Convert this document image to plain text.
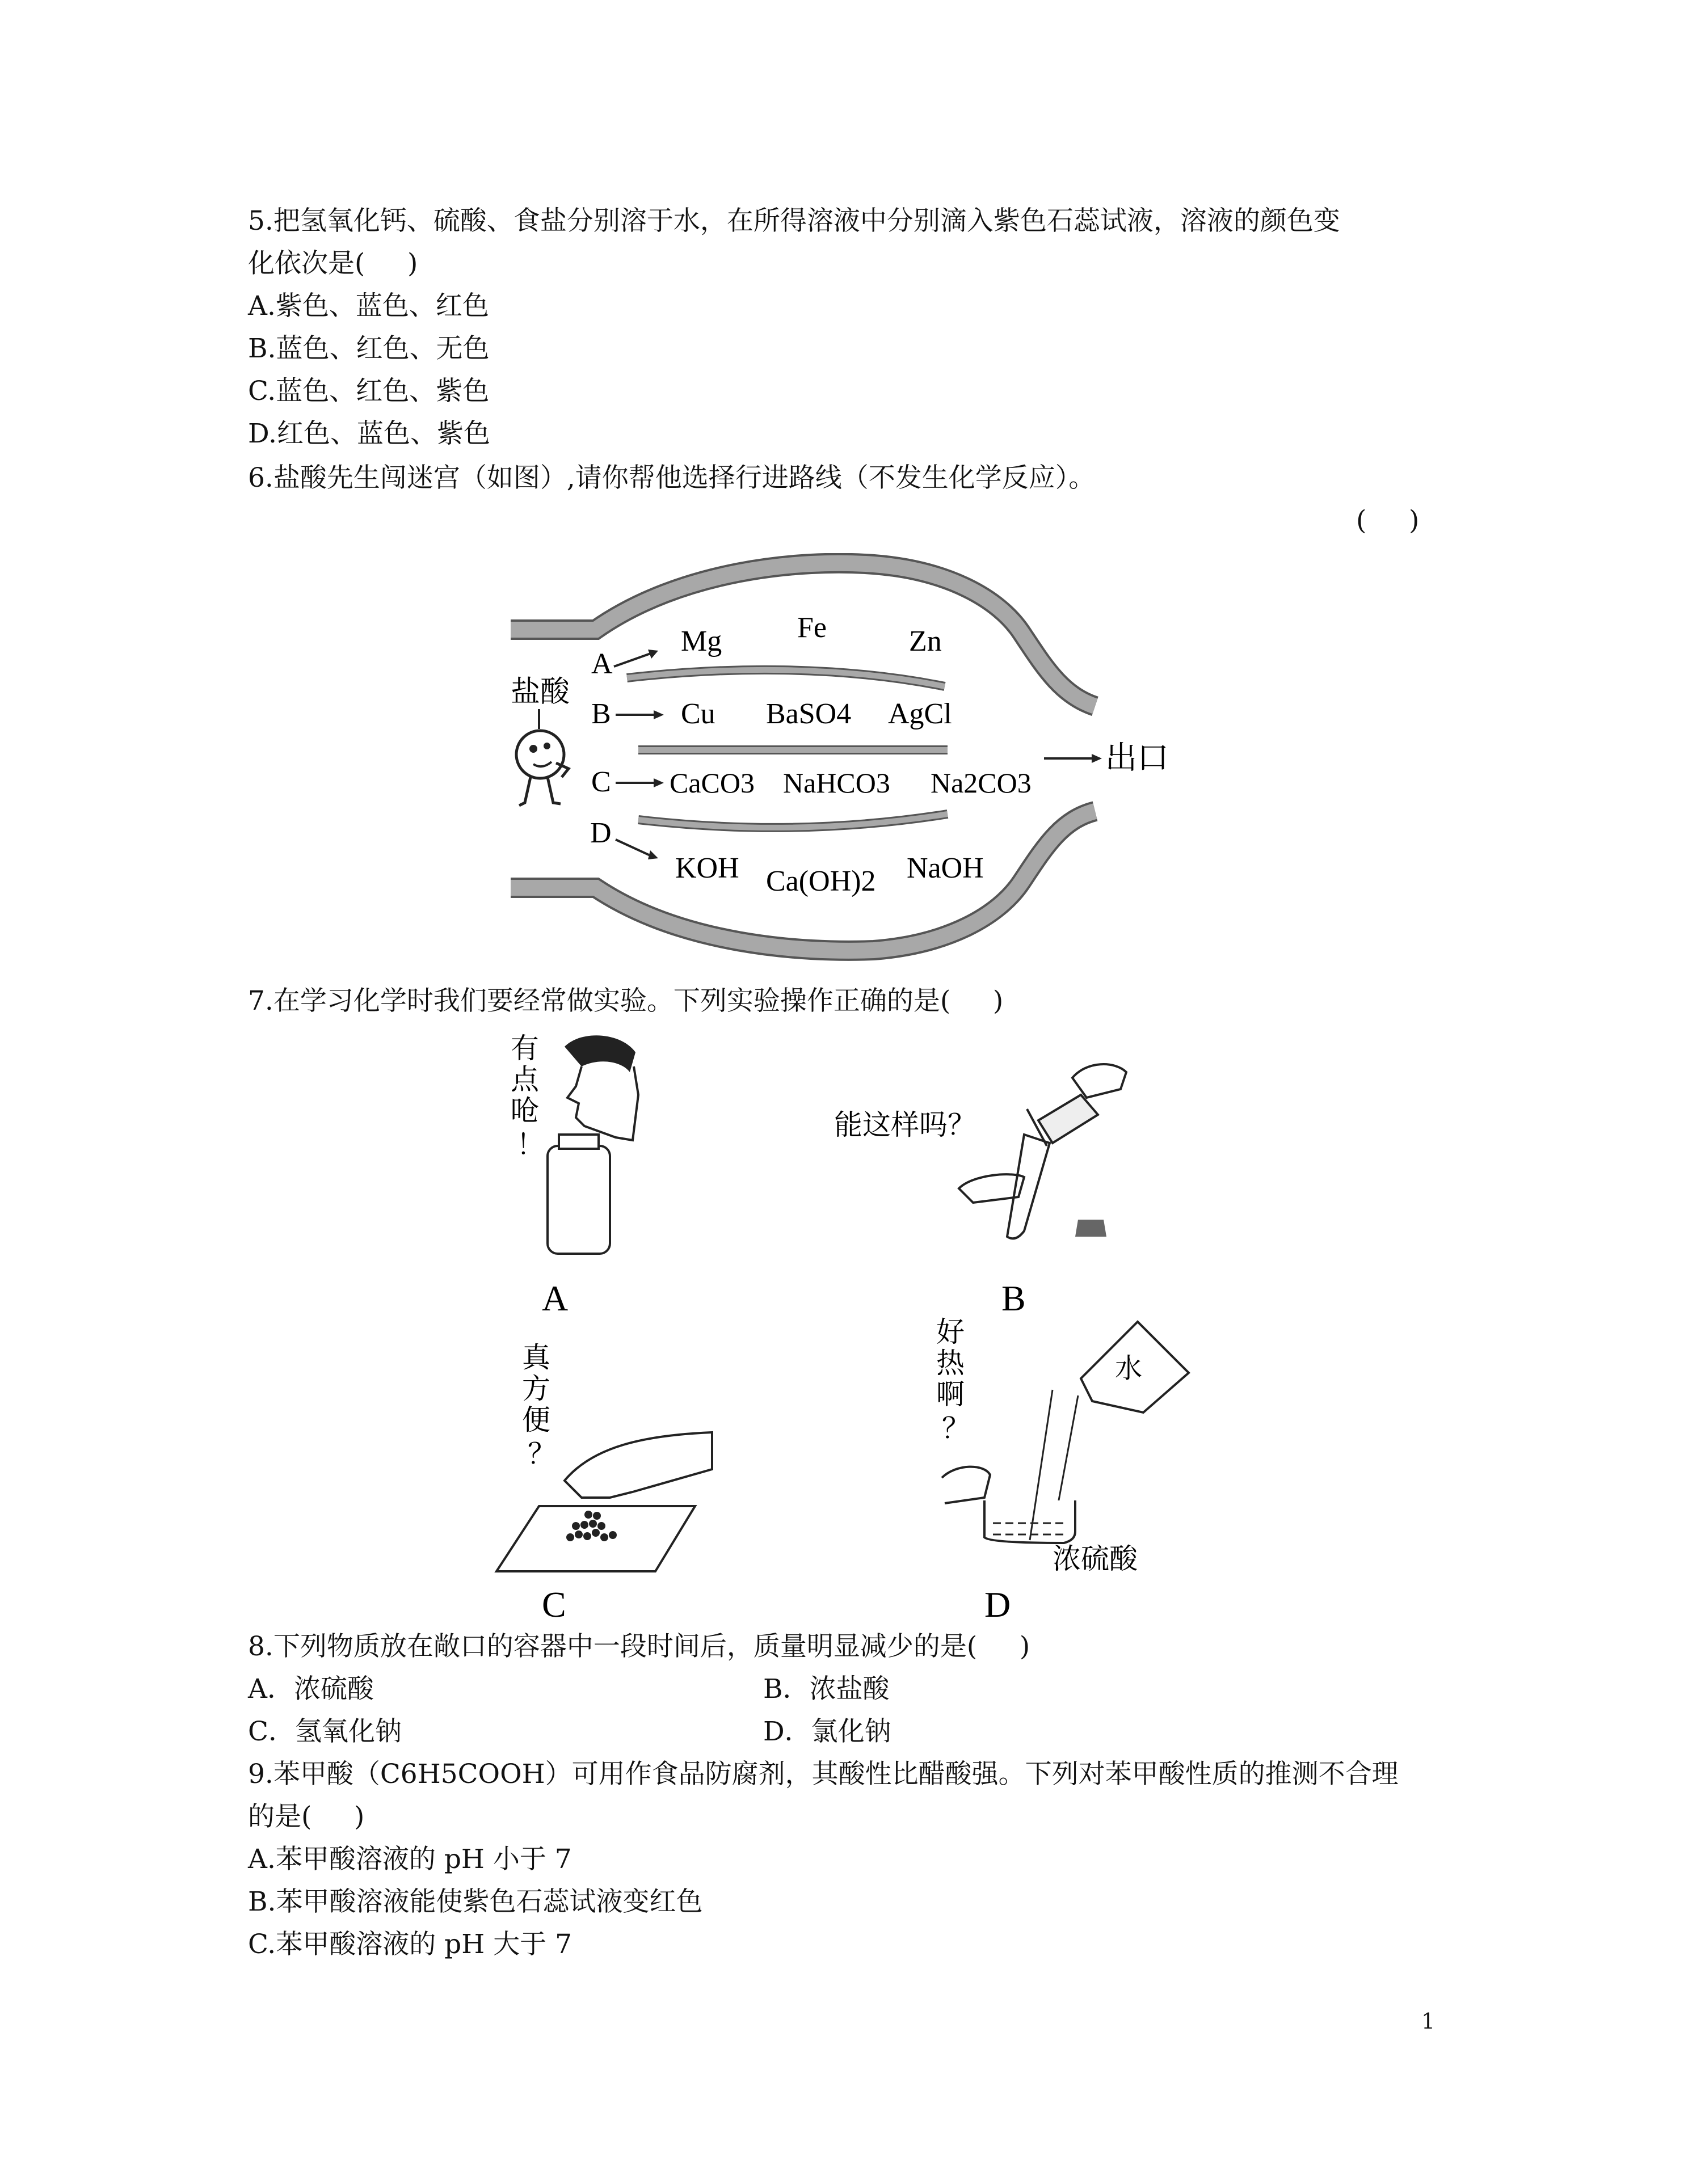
5.把氢氧化钙、硫酸、食盐分别溶于水，在所得溶液中分别滴入紫色石蕊试液，溶液的颜色变
化依次是(     )
A.紫色、蓝色、红色
B.蓝色、红色、无色
C.蓝色、红色、紫色
D.红色、蓝色、紫色
6.盐酸先生闯迷宫（如图）,请你帮他选择行进路线（不发生化学反应）。
(     )
盐酸
A
B
C
D
Mg	Fe	Zn
Cu BaSO4 AgCl
CaCO3 NaHCO3 Na2CO3
KOH Ca(OH)2 NaOH
出口
7.在学习化学时我们要经常做实验。下列实验操作正确的是(     )
有
点
呛
！
A
能这样吗？
B
真
方
便
？
C
好
热
啊
？
水
浓硫酸
D
8.下列物质放在敞口的容器中一段时间后，质量明显减少的是(     )
A．浓硫酸	B．浓盐酸
C．氢氧化钠	D．氯化钠
9.苯甲酸（C6H5COOH）可用作食品防腐剂，其酸性比醋酸强。下列对苯甲酸性质的推测不合理
的是(     )
A.苯甲酸溶液的 pH 小于 7
B.苯甲酸溶液能使紫色石蕊试液变红色
C.苯甲酸溶液的 pH 大于 7
1
